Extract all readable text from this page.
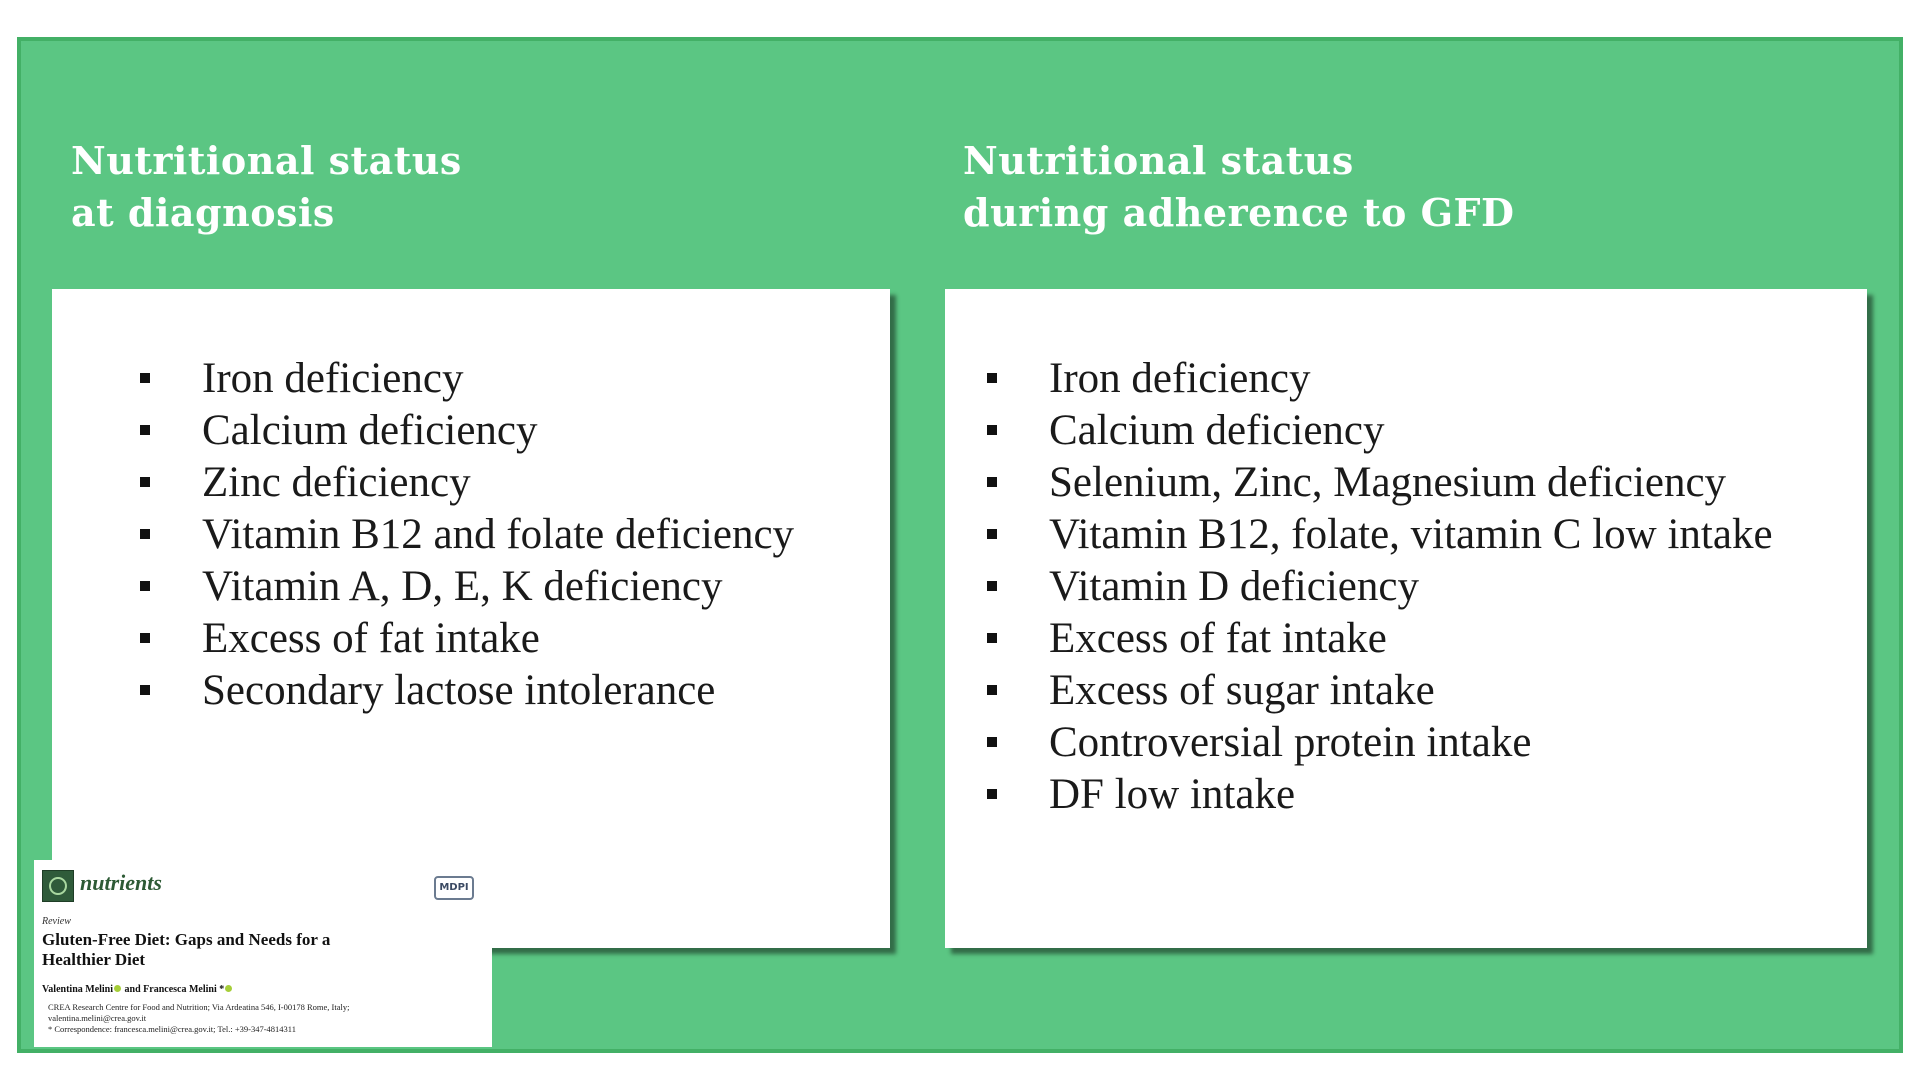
Nutritional status
at diagnosis
Nutritional status
during adherence to GFD
Iron deficiency
Calcium deficiency
Zinc deficiency
Vitamin B12 and folate deficiency
Vitamin A, D, E, K deficiency
Excess of fat intake
Secondary lactose intolerance
Iron deficiency
Calcium deficiency
Selenium, Zinc, Magnesium deficiency
Vitamin B12, folate, vitamin C low intake
Vitamin D deficiency
Excess of fat intake
Excess of sugar intake
Controversial protein intake
DF low intake
nutrients	MDPI
Review
Gluten-Free Diet: Gaps and Needs for a
Healthier Diet
Valentina Melini and Francesca Melini *
CREA Research Centre for Food and Nutrition; Via Ardeatina 546, I-00178 Rome, Italy;
valentina.melini@crea.gov.it
* Correspondence: francesca.melini@crea.gov.it; Tel.: +39-347-4814311
